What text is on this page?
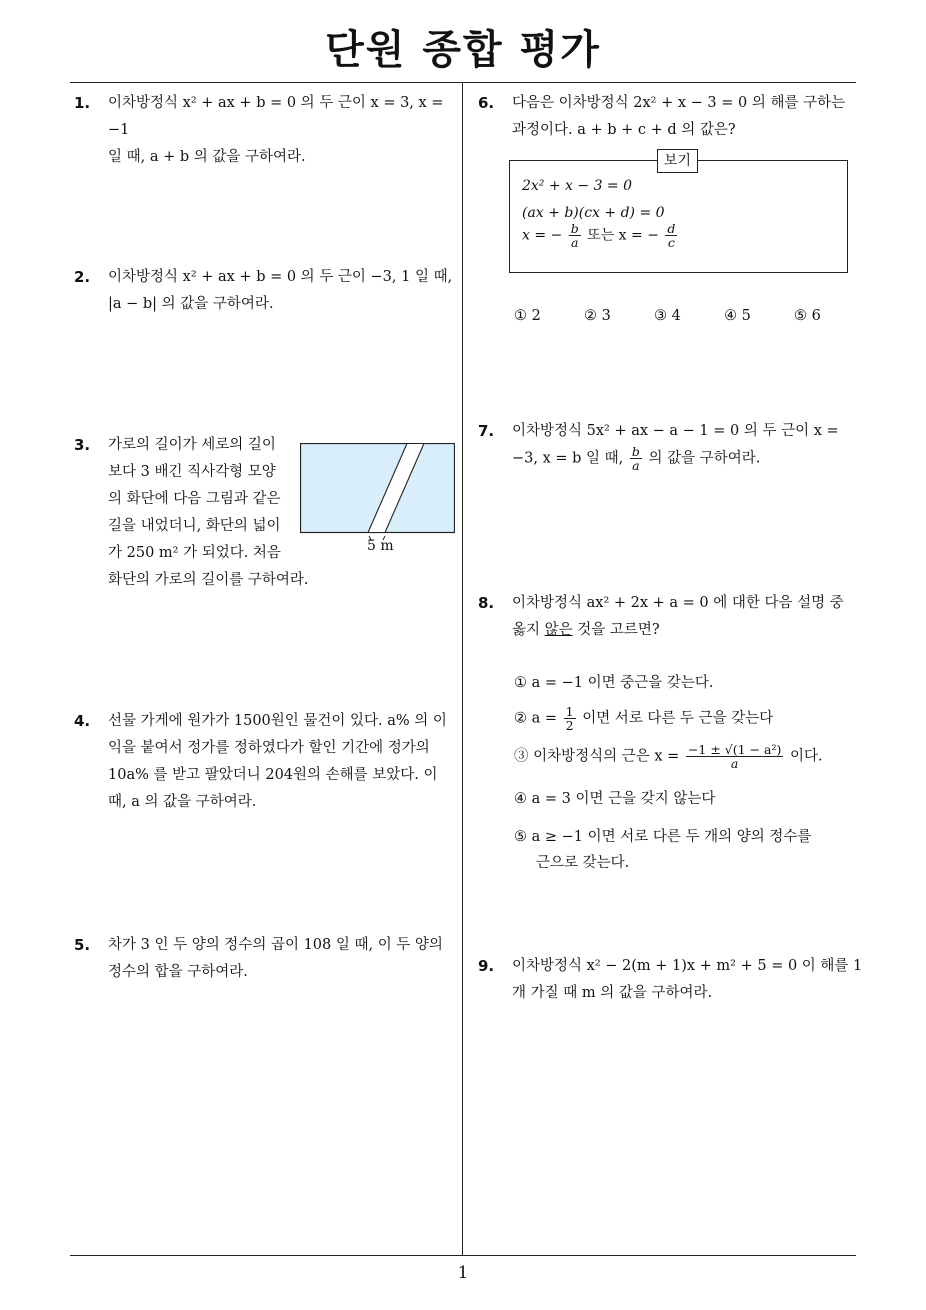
단원 종합 평가
1
1. 이차방정식 x² + ax + b = 0 의 두 근이 x = 3, x = −1
일 때, a + b 의 값을 구하여라.
2. 이차방정식 x² + ax + b = 0 의 두 근이 −3, 1 일 때,
|a − b| 의 값을 구하여라.
3. 가로의 길이가 세로의 길이
보다 3 배긴 직사각형 모양
의 화단에 다음 그림과 같은
길을 내었더니, 화단의 넓이
가 250 m² 가 되었다. 처음
화단의 가로의 길이를 구하여라.
5 m
4. 선물 가게에 원가가 1500원인 물건이 있다. a% 의 이
익을 붙여서 정가를 정하였다가 할인 기간에 정가의
10a% 를 받고 팔았더니 204원의 손해를 보았다. 이
때, a 의 값을 구하여라.
5. 차가 3 인 두 양의 정수의 곱이 108 일 때, 이 두 양의
정수의 합을 구하여라.
6. 다음은 이차방정식 2x² + x − 3 = 0 의 해를 구하는
과정이다. a + b + c + d 의 값은?
보기
2x² + x − 3 = 0
(ax + b)(cx + d) = 0
x = − $\frac{b}{a}$ 또는 x = − $\frac{d}{c}$
① 2	② 3	③ 4	④ 5	⑤ 6
7. 이차방정식 5x² + ax − a − 1 = 0 의 두 근이 x =
−3, x = b 일 때, $\frac{b}{a}$ 의 값을 구하여라.
8. 이차방정식 ax² + 2x + a = 0 에 대한 다음 설명 중
옳지 않은 것을 고르면?
① a = −1 이면 중근을 갖는다.
② $a = \frac{1}{2}$ 이면 서로 다른 두 근을 갖는다
③ 이차방정식의 근은 $x = \frac{\text{−1 ± √(1 − a²)}}{a}$ 이다.
④ a = 3 이면 근을 갖지 않는다
⑤ a ≥ −1 이면 서로 다른 두 개의 양의 정수를
근으로 갖는다.
9. 이차방정식 x² − 2(m + 1)x + m² + 5 = 0 이 해를 1
개 가질 때 m 의 값을 구하여라.
